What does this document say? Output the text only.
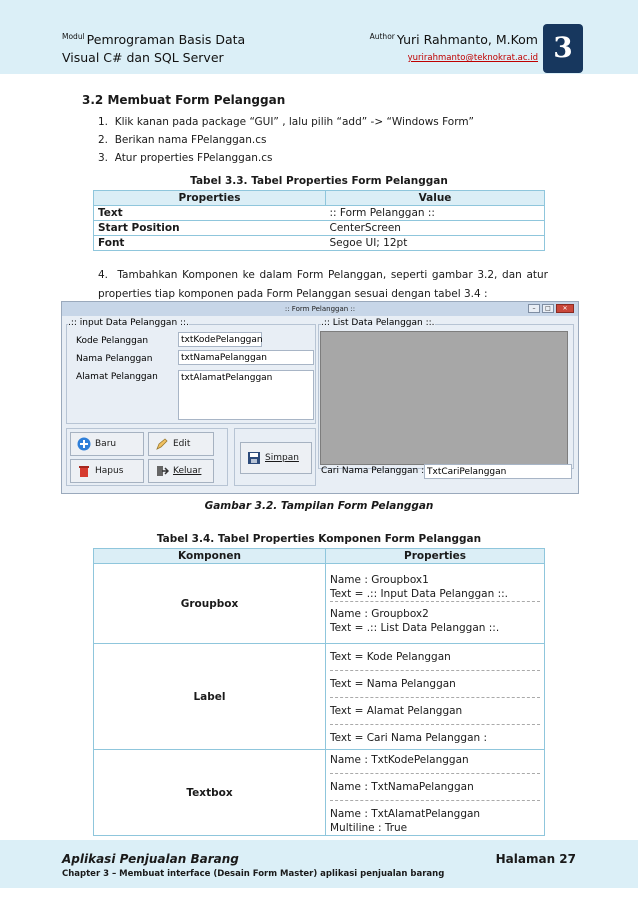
$^{Modul}$ Pemrograman Basis Data
Visual C# dan SQL Server
$^{Author}$ Yuri Rahmanto, M.Kom
yurirahmanto@teknokrat.ac.id 3
3.2 Membuat Form Pelanggan
1.  Klik kanan pada package “GUI” , lalu pilih “add” -> “Windows Form”
2.  Berikan nama FPelanggan.cs
3.  Atur properties FPelanggan.cs
Tabel 3.3. Tabel Properties Form Pelanggan
Properties	Value
Text	:: Form Pelanggan ::
Start Position	CenterScreen
Font	Segoe UI; 12pt
4.  Tambahkan Komponen ke dalam Form Pelanggan, seperti gambar 3.2, dan atur properties tiap komponen pada Form Pelanggan sesuai dengan tabel 3.4 :
:: Form Pelanggan ::	–	□	✕
.:: input Data Pelanggan ::.	.:: List Data Pelanggan ::.
Kode Pelanggan
Nama Pelanggan
Alamat Pelanggan
txtKodePelanggan
txtNamaPelanggan
txtAlamatPelanggan
Baru	Edit
Hapus	Keluar
Simpan
Cari Nama Pelanggan : TxtCariPelanggan
Gambar 3.2. Tampilan Form Pelanggan
Tabel 3.4. Tabel Properties Komponen Form Pelanggan
Komponen	Properties
Groupbox	Name : Groupbox1
Text = .:: Input Data Pelanggan ::.
Name : Groupbox2
Text = .:: List Data Pelanggan ::.

Label	Text = Kode Pelanggan
Text = Nama Pelanggan
Text = Alamat Pelanggan
Text = Cari Nama Pelanggan :

Textbox	Name : TxtKodePelanggan
Name : TxtNamaPelanggan
Name : TxtAlamatPelanggan
Multiline : True
Aplikasi Penjualan Barang	Halaman 27
Chapter 3 – Membuat interface (Desain Form Master) aplikasi penjualan barang
